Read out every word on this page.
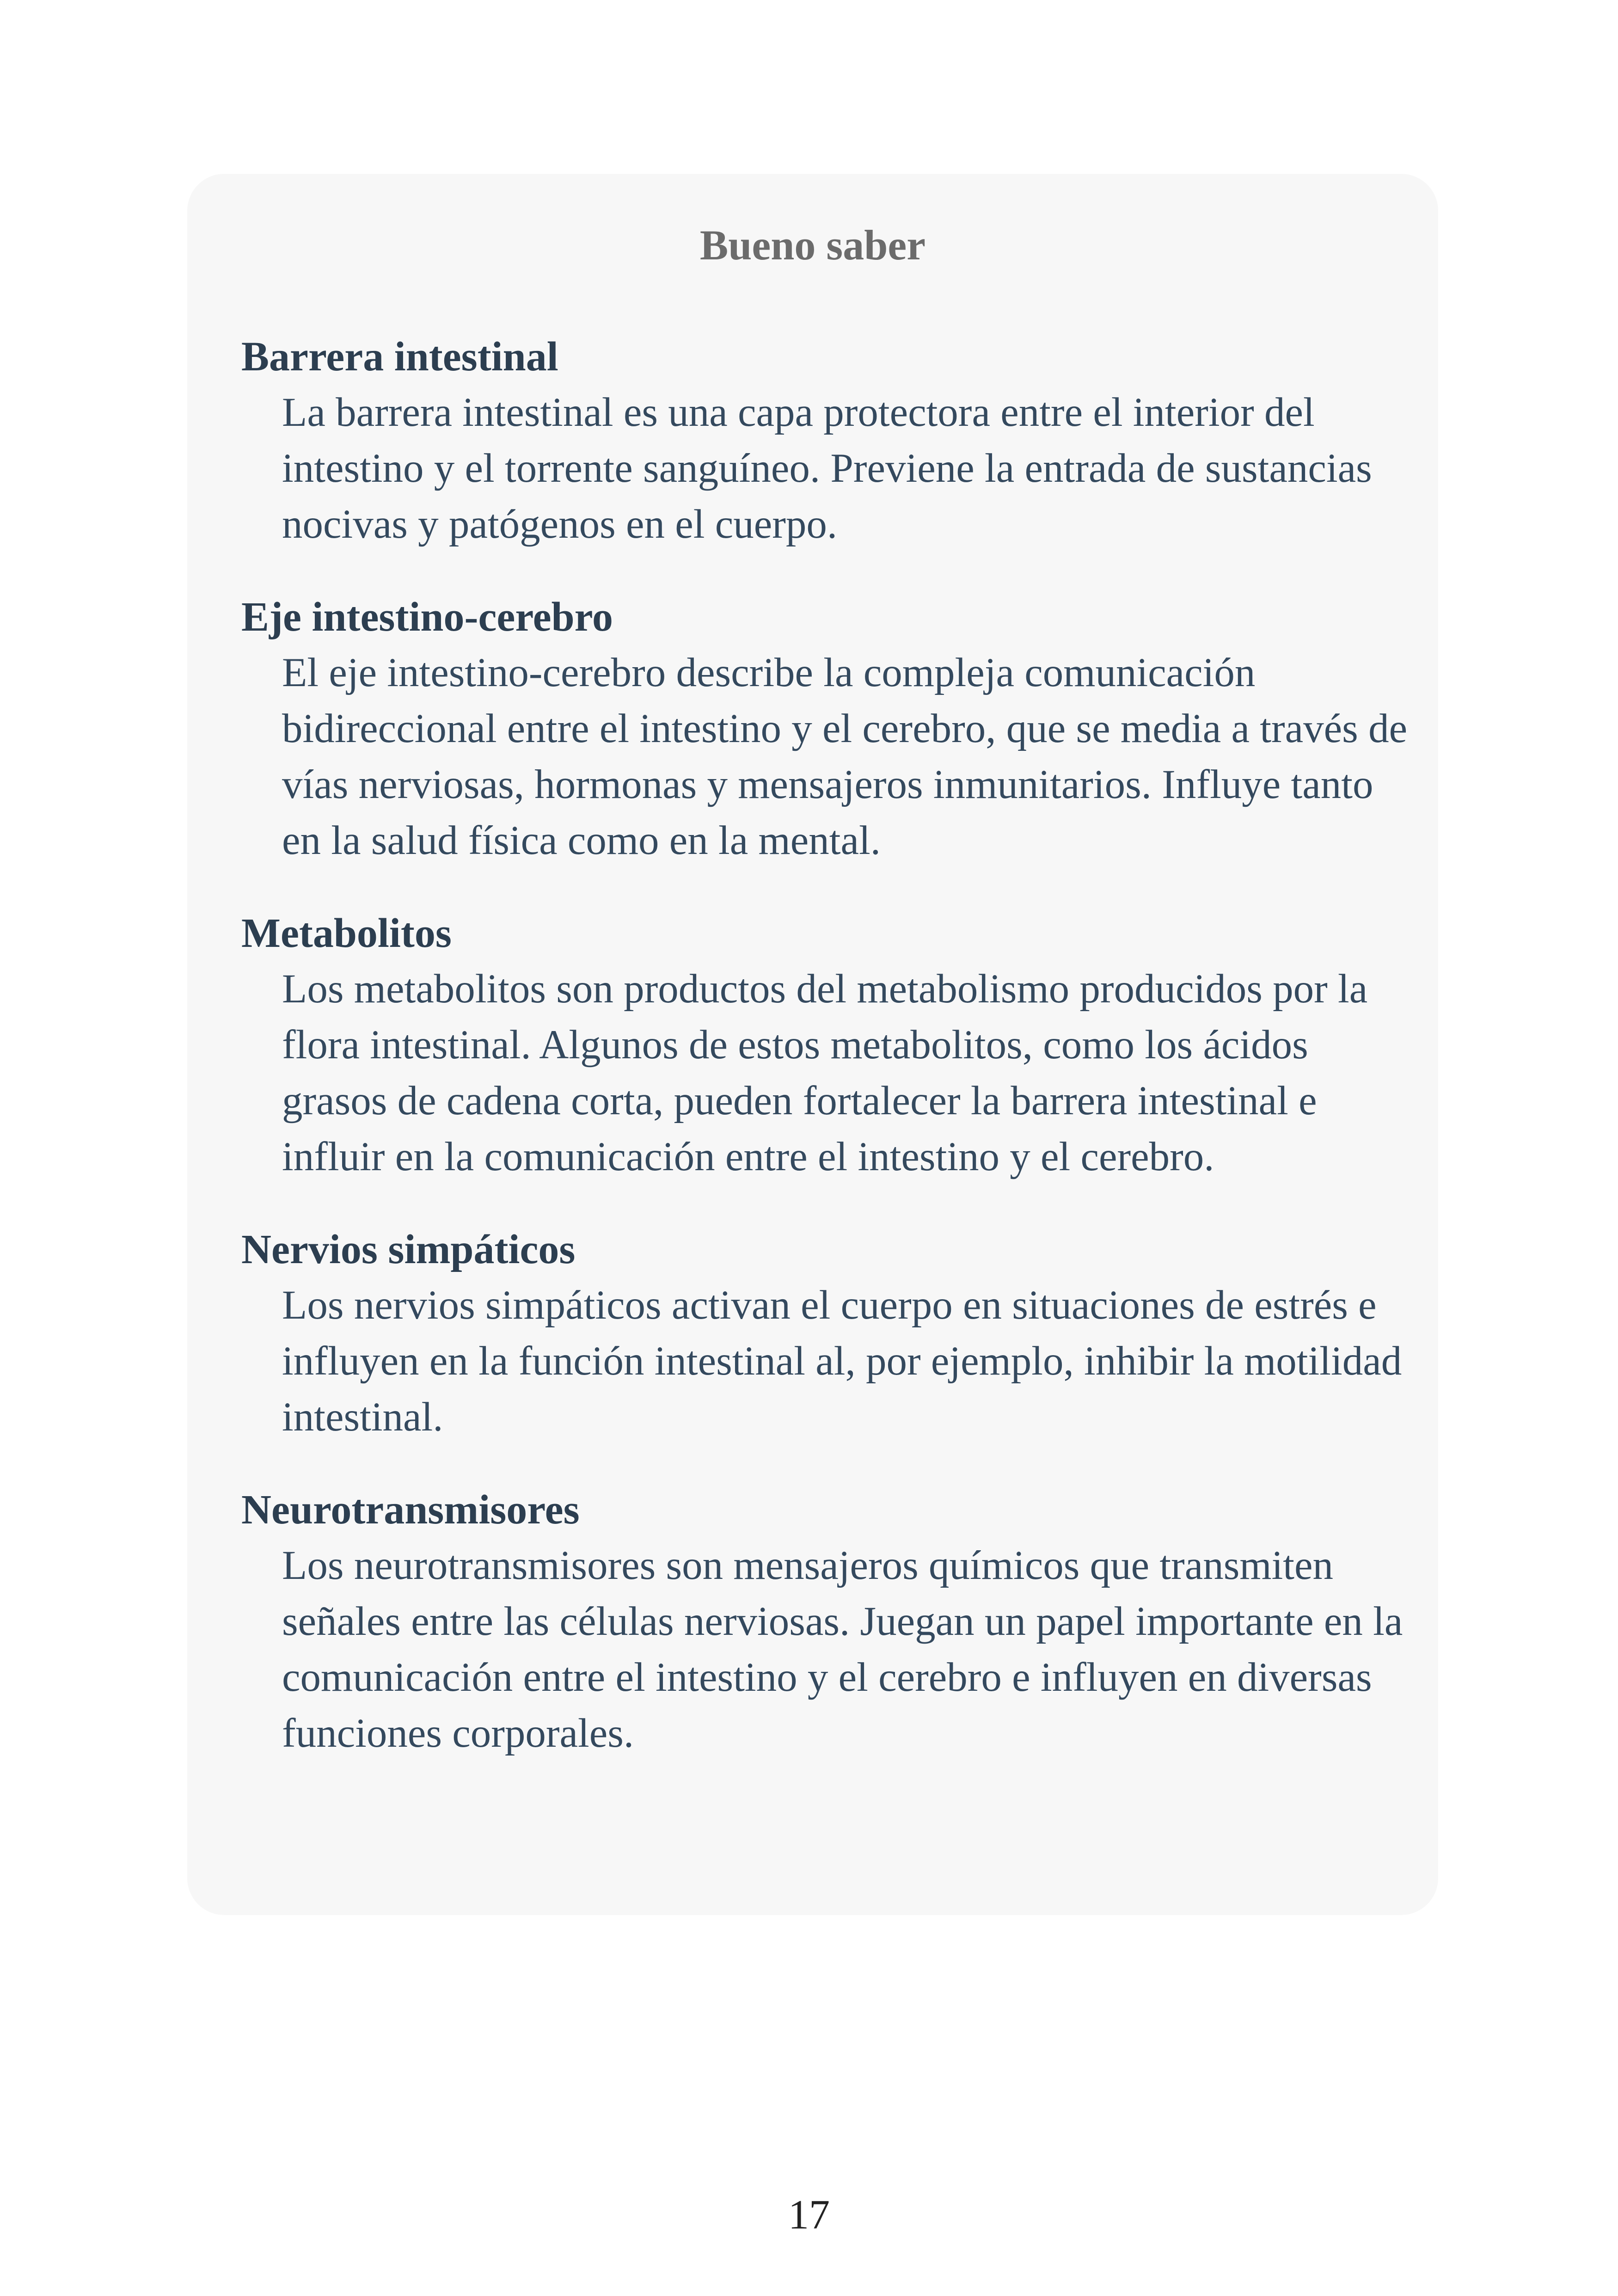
Bueno saber
Barrera intestinal
La barrera intestinal es una capa protectora entre el interior del intestino y el torrente sanguíneo. Previene la entrada de sustancias nocivas y patógenos en el cuerpo.
Eje intestino-cerebro
El eje intestino-cerebro describe la compleja comunicación bidireccional entre el intestino y el cerebro, que se media a través de vías nerviosas, hormonas y mensajeros inmunitarios. Influye tanto en la salud física como en la mental.
Metabolitos
Los metabolitos son productos del metabolismo producidos por la flora intestinal. Algunos de estos metabolitos, como los ácidos grasos de cadena corta, pueden fortalecer la barrera intestinal e influir en la comunicación entre el intestino y el cerebro.
Nervios simpáticos
Los nervios simpáticos activan el cuerpo en situaciones de estrés e influyen en la función intestinal al, por ejemplo, inhibir la motilidad intestinal.
Neurotransmisores
Los neurotransmisores son mensajeros químicos que transmiten señales entre las células nerviosas. Juegan un papel importante en la comunicación entre el intestino y el cerebro e influyen en diversas funciones corporales.
17
